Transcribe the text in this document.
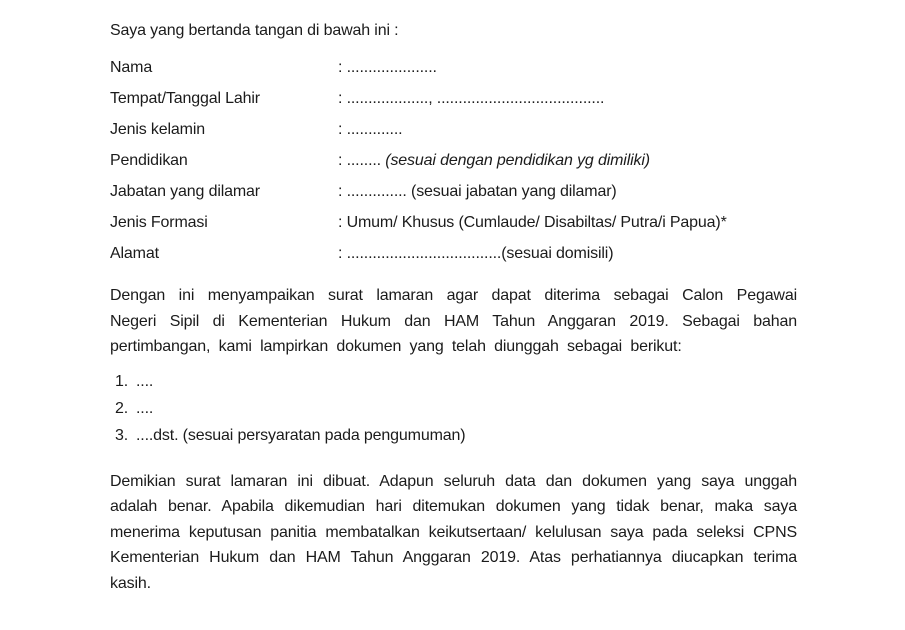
Saya yang bertanda tangan di bawah ini :

Nama	: .....................
Tempat/Tanggal Lahir	: ..................., .......................................
Jenis kelamin	: .............
Pendidikan	: ........ (sesuai dengan pendidikan yg dimiliki)
Jabatan yang dilamar	: .............. (sesuai jabatan yang dilamar)
Jenis Formasi	: Umum/ Khusus (Cumlaude/ Disabiltas/ Putra/i Papua)*
Alamat	: ....................................(sesuai domisili)

Dengan ini menyampaikan surat lamaran agar dapat diterima sebagai Calon Pegawai Negeri Sipil di Kementerian Hukum dan HAM Tahun Anggaran 2019. Sebagai bahan pertimbangan, kami lampirkan dokumen yang telah diunggah sebagai berikut:

1. ....
2. ....
3. ....dst. (sesuai persyaratan pada pengumuman)

Demikian surat lamaran ini dibuat. Adapun seluruh data dan dokumen yang saya unggah adalah benar. Apabila dikemudian hari ditemukan dokumen yang tidak benar, maka saya menerima keputusan panitia membatalkan keikutsertaan/ kelulusan saya pada seleksi CPNS Kementerian Hukum dan HAM Tahun Anggaran 2019. Atas perhatiannya diucapkan terima kasih.
